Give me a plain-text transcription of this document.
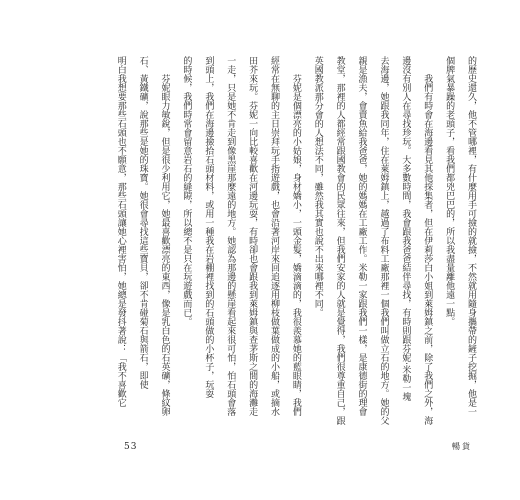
的歷史還久，他不管哪裡，有什麼用手可撿的就撿，不然就用隨身攜帶的鏟子挖掘，他是一
個脾氣暴躁的老頭子，看我們都兇巴巴的，所以我盡量離他遠一點。
　　我們有時會在海邊看見其他採集者，但在伊莉莎白小姐到萊姆鎮之前，除了我們之外，海
邊沒有別人在尋找珍玩。大多數時間，我會跟我爸爸結伴尋找，有時則跟芬妮‧米勒一塊
去海邊，她跟我同年，住在萊姆鎮上，越過了布料工廠那裡一個我們叫做立石的地方。她的父
親是漁夫，會賣魚給我爸爸，她的媽媽在工廠工作。米勒一家跟我們一樣，是康德街的理會
教堂，那裡的人都經常跟國教會的民眾往來，但我們安家的人就是覺得，我們很尊重自己，跟
英國教派那分會的人想法不同，雖然我其實也說不出來哪裡不同。
　　芬妮是個漂亮的小姑娘，身材嬌小，一頭金髮，嬌滴滴的，我很羨慕她的藍眼睛，我們
經常在無聊的主日崇拜玩手指遊戲，也會沿著河岸來回追逐用柳枝做葉做成的小船，或摘水
田芥來玩。芬妮一向比較喜歡在河邊玩耍，有時卻也會跟我到萊姆鎮與查茅斯之間的海灘走
一走，只是她不肯走到像黑崖那麼遠的地方。她認為那邊的懸崖看起來很可怕，怕石頭會落
到頭上，我們在海邊撿拾石頭材料，或用一種我在岩棚裡找到的石頭做的小杯子，玩耍
的時候，我們時常會留意岩石的縫隙，所以總不是只在玩遊戲而已。
　　芬妮眼力敏銳，但是很少利用它，她最喜歡漂亮的東西，像是乳白色的石英礦，條紋卵
石、黃鐵礦，說那些是她的珠寶。她很會尋找這些寶貝，卻不肯碰菊石與箭石，即使
明白我想要那些石頭也不願意，那些石頭讓她心裡害怕，她總是發抖著說：「我不喜歡它
53	暢貨
